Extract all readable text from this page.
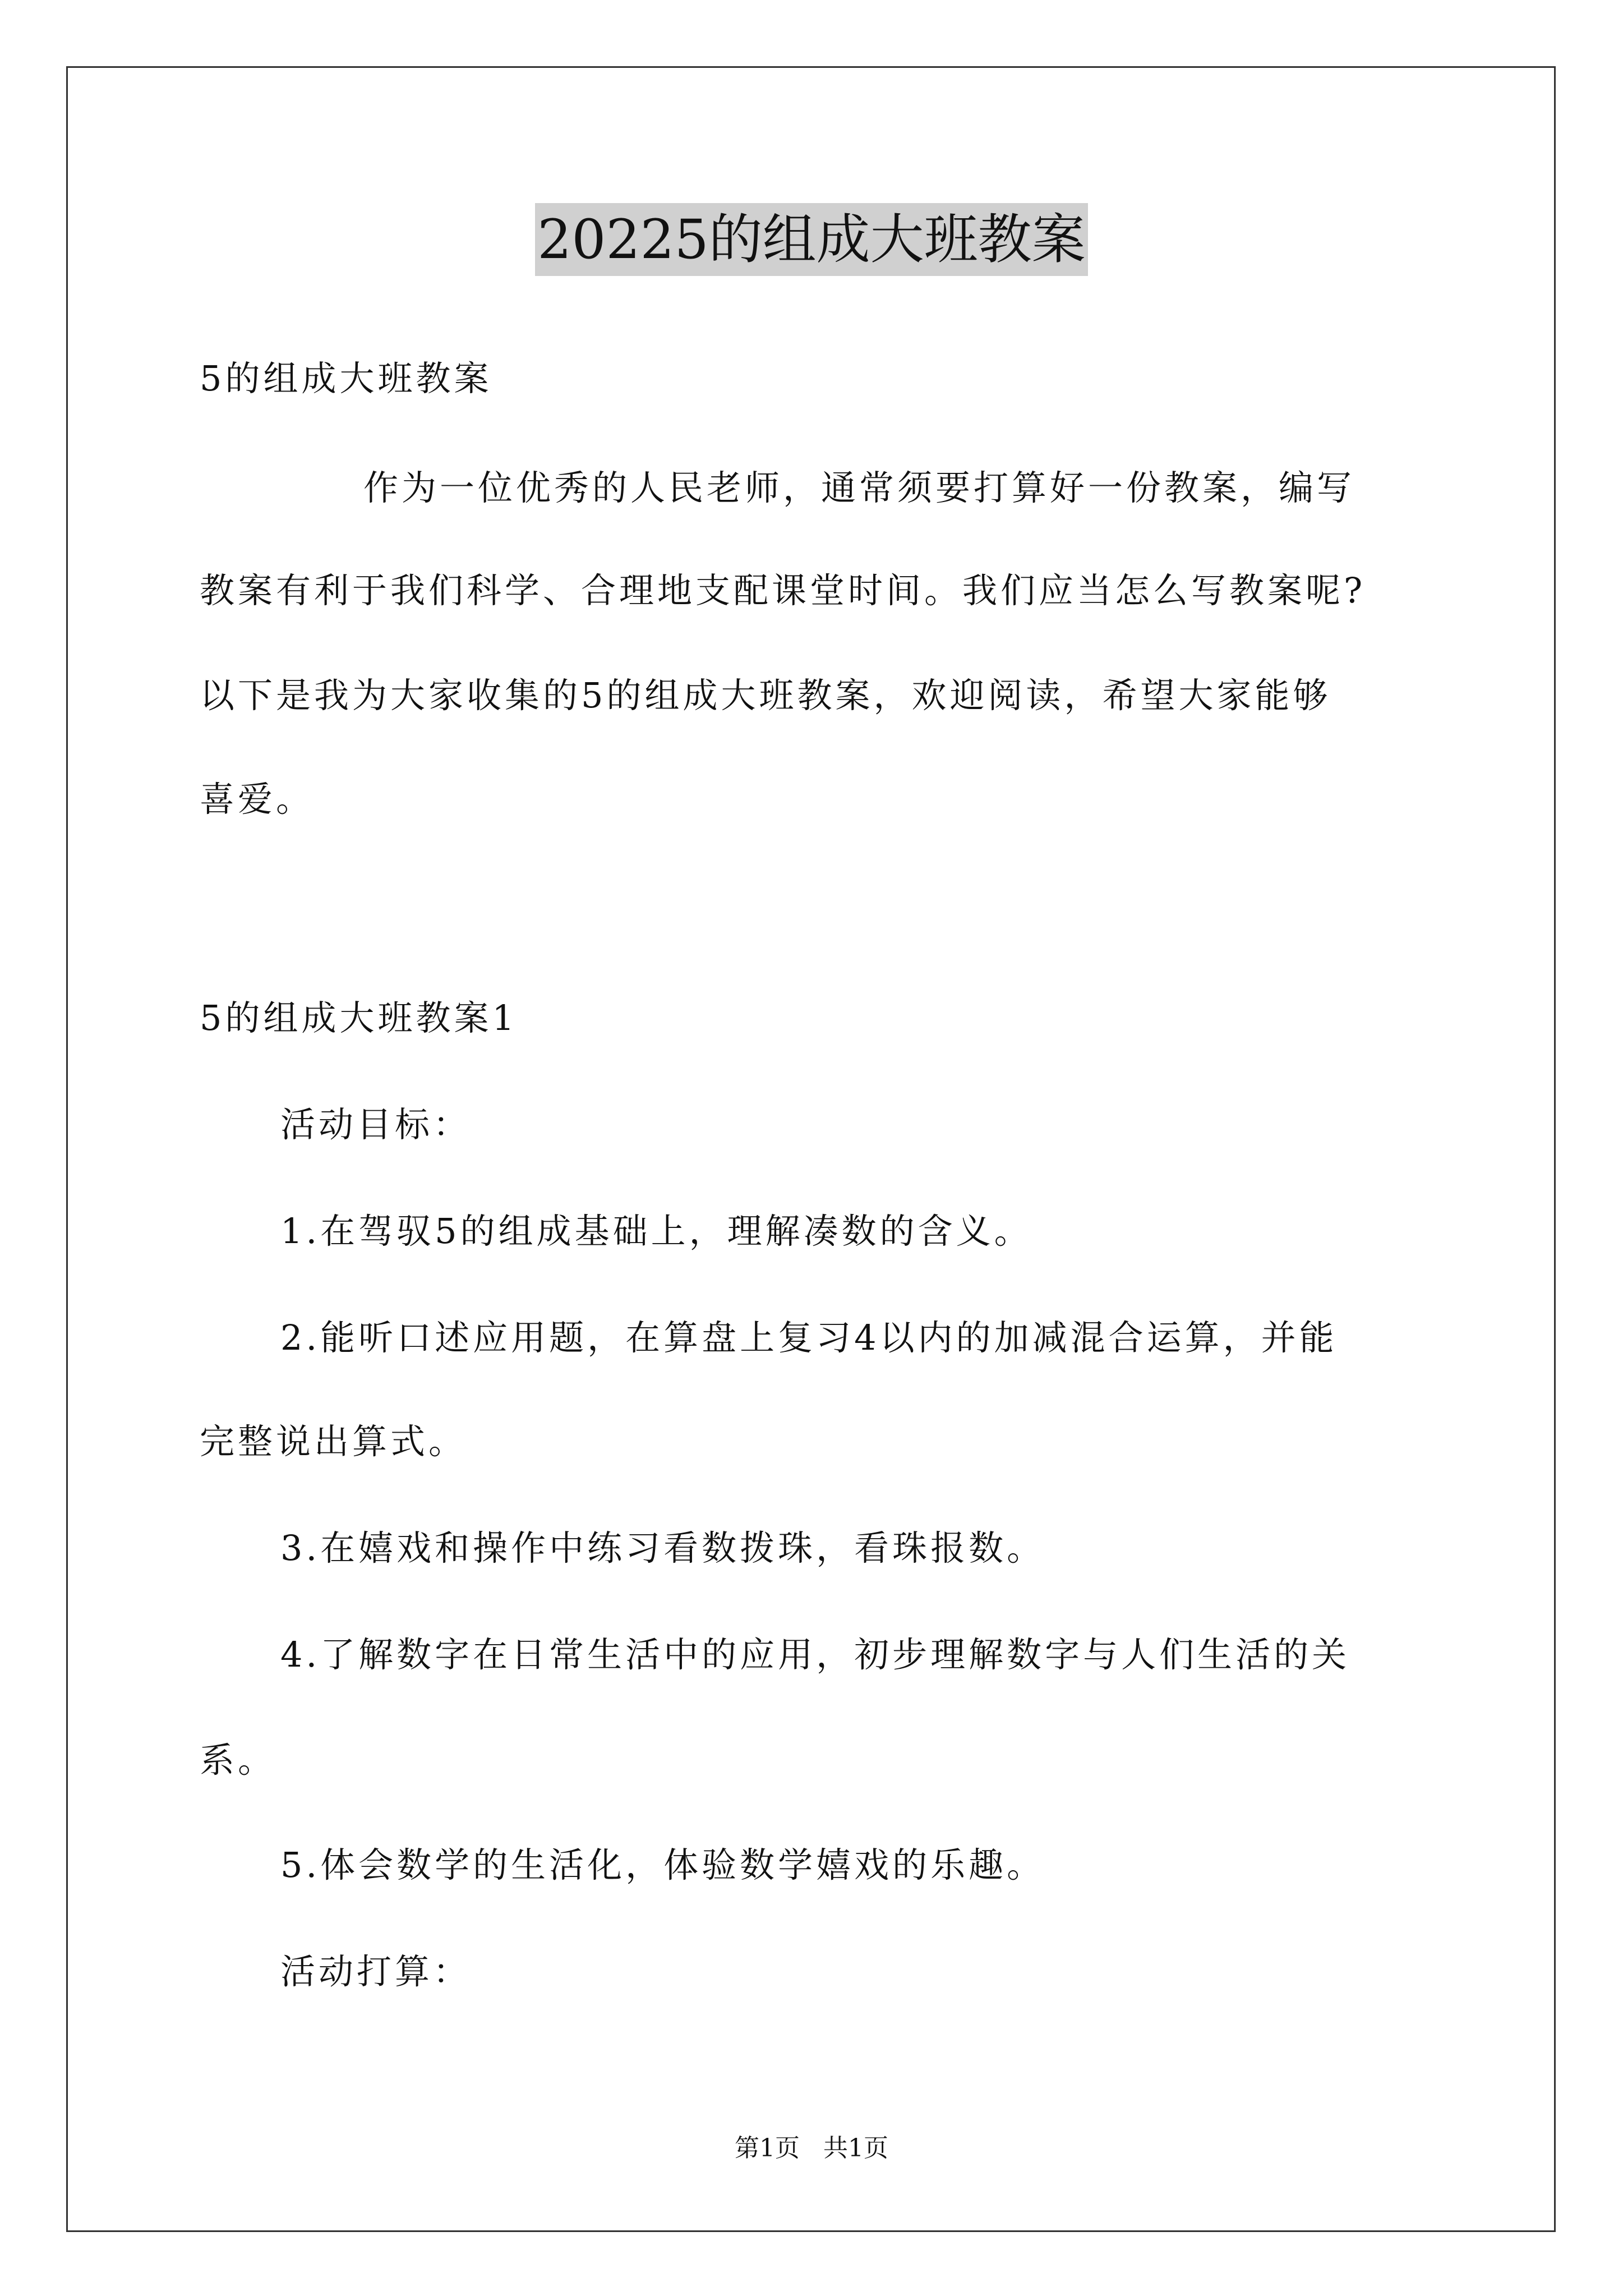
20225的组成大班教案
5的组成大班教案
作为一位优秀的人民老师，通常须要打算好一份教案，编写
教案有利于我们科学、合理地支配课堂时间。我们应当怎么写教案呢?
以下是我为大家收集的5的组成大班教案，欢迎阅读，希望大家能够
喜爱。
5的组成大班教案1
活动目标：
1.在驾驭5的组成基础上，理解凑数的含义。
2.能听口述应用题，在算盘上复习4以内的加减混合运算，并能
完整说出算式。
3.在嬉戏和操作中练习看数拨珠，看珠报数。
4.了解数字在日常生活中的应用，初步理解数字与人们生活的关
系。
5.体会数学的生活化，体验数学嬉戏的乐趣。
活动打算：
第1页 共1页
